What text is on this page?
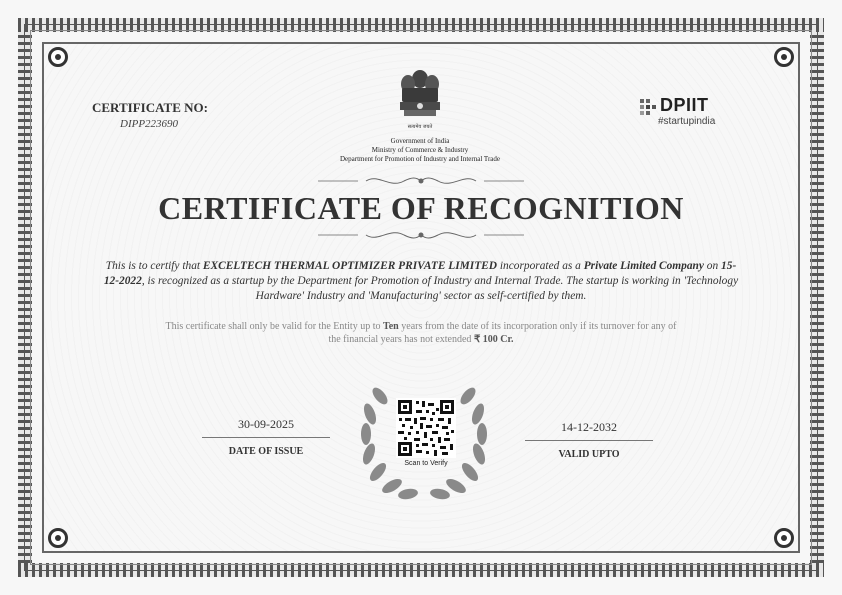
CERTIFICATE NO:
DIPP223690	सत्यमेव जयते
Government of India
Ministry of Commerce & Industry
Department for Promotion of Industry and Internal Trade
DPIIT
#startupindia
CERTIFICATE OF RECOGNITION
This is to certify that EXCELTECH THERMAL OPTIMIZER PRIVATE LIMITED incorporated as a Private Limited Company on 15-12-2022, is recognized as a startup by the Department for Promotion of Industry and Internal Trade. The startup is working in 'Technology Hardware' Industry and 'Manufacturing' sector as self-certified by them.
This certificate shall only be valid for the Entity up to Ten years from the date of its incorporation only if its turnover for any of the financial years has not extended ₹ 100 Cr.
30-09-2025
DATE OF ISSUE
14-12-2032
VALID UPTO
Scan to Verify
